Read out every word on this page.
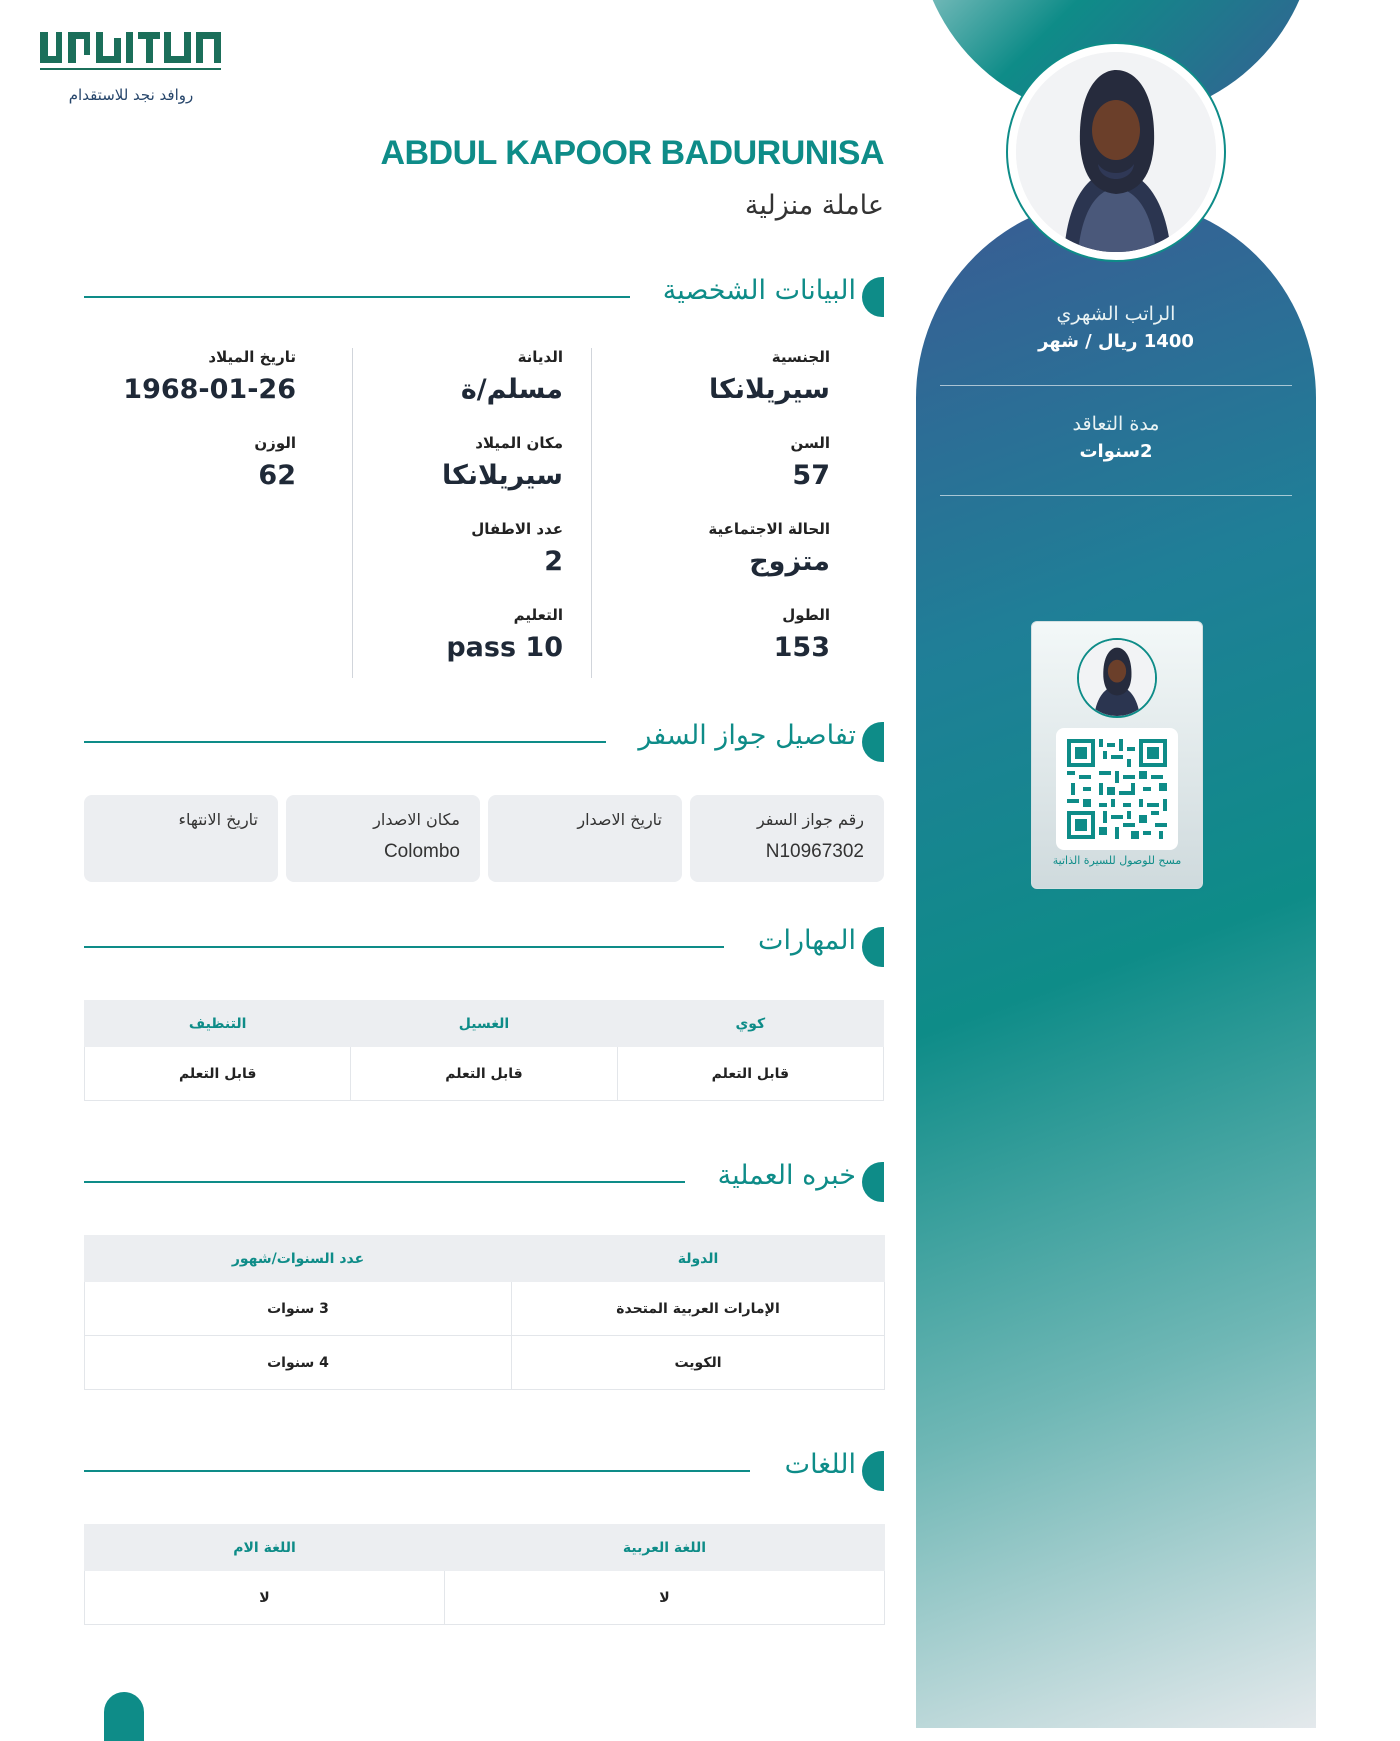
الراتب الشهري
1400 ريال / شهر
مدة التعاقد
2سنوات
مسح للوصول للسيرة الذاتية
روافد نجد للاستقدام
ABDUL KAPOOR BADURUNISA
عاملة منزلية
البيانات الشخصية
الجنسية
سيريلانكا
السن
57
الحالة الاجتماعية
متزوج
الطول
153
الديانة
مسلم/ة
مكان الميلاد
سيريلانكا
عدد الاطفال
2
التعليم
pass 10
تاريخ الميلاد
1968-01-26
الوزن
62
تفاصيل جواز السفر
رقم جواز السفر
N10967302
تاريخ الاصدار
مكان الاصدار
Colombo
تاريخ الانتهاء
المهارات
كوي	الغسيل	التنظيف
قابل التعلم	قابل التعلم	قابل التعلم
خبره العملية
الدولة	عدد السنوات/شهور
الإمارات العربية المتحدة	3 سنوات
الكويت	4 سنوات
اللغات
اللغة العربية	اللغة الام
لا	لا
